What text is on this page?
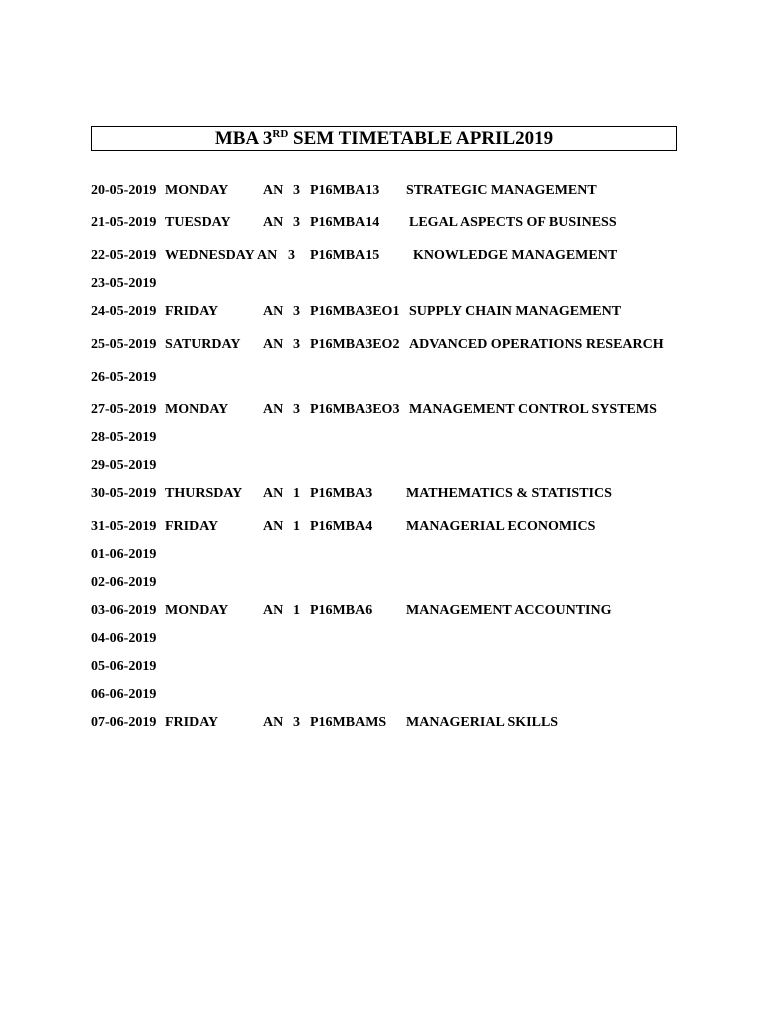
MBA 3RD SEM TIMETABLE APRIL2019
20-05-2019 MONDAY AN 3 P16MBA13 STRATEGIC MANAGEMENT
21-05-2019 TUESDAY AN 3 P16MBA14 LEGAL ASPECTS OF BUSINESS
22-05-2019 WEDNESDAY AN 3 P16MBA15 KNOWLEDGE MANAGEMENT
23-05-2019
24-05-2019 FRIDAY	AN 3 P16MBA3EO1 SUPPLY CHAIN MANAGEMENT
25-05-2019 SATURDAY AN 3 P16MBA3EO2 ADVANCED OPERATIONS RESEARCH
26-05-2019
27-05-2019 MONDAY AN 3 P16MBA3EO3 MANAGEMENT CONTROL SYSTEMS
28-05-2019
29-05-2019
30-05-2019 THURSDAY AN 1 P16MBA3 MATHEMATICS & STATISTICS
31-05-2019 FRIDAY	AN 1 P16MBA4 MANAGERIAL ECONOMICS
01-06-2019
02-06-2019
03-06-2019 MONDAY AN 1 P16MBA6 MANAGEMENT ACCOUNTING
04-06-2019
05-06-2019
06-06-2019
07-06-2019 FRIDAY	AN 3 P16MBAMS MANAGERIAL SKILLS
